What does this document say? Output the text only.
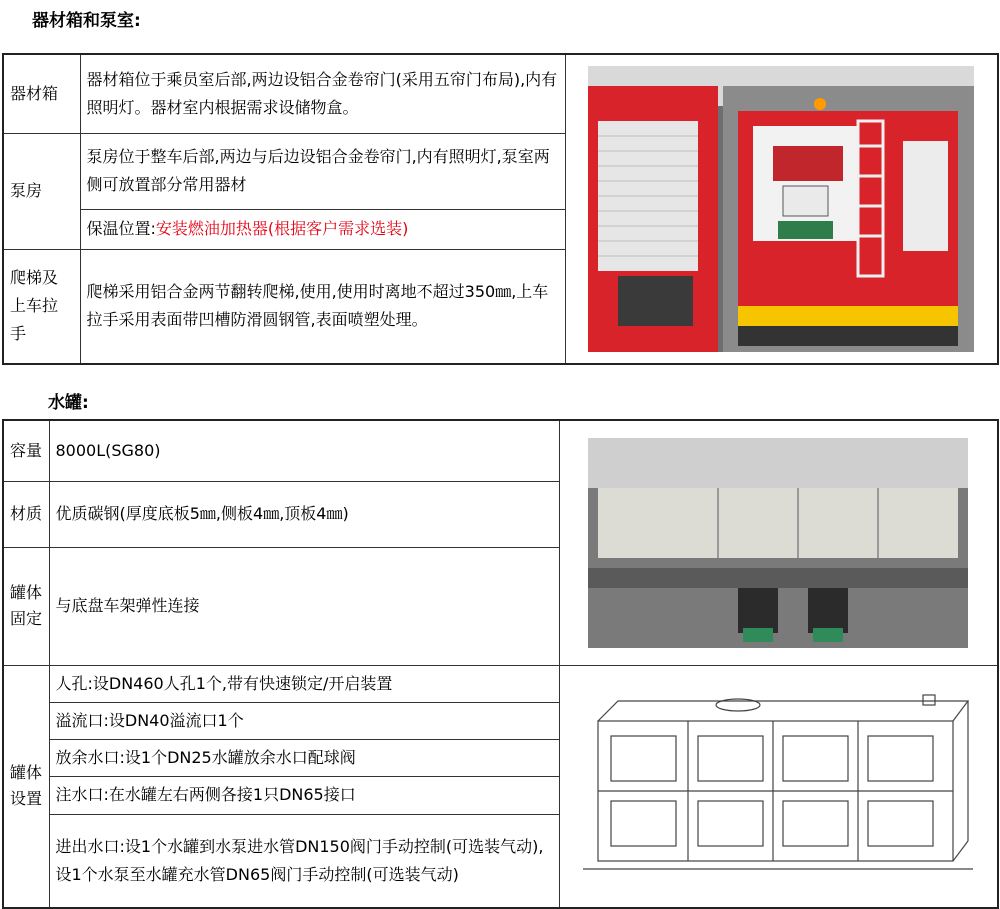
器材箱和泵室:
器材箱	器材箱位于乘员室后部,两边设铝合金卷帘门(采用五帘门布局),内有照明灯。器材室内根据需求设储物盒。	

泵房	泵房位于整车后部,两边与后边设铝合金卷帘门,内有照明灯,泵室两侧可放置部分常用器材	
	保温位置:安装燃油加热器(根据客户需求选装)	
爬梯及上车拉手	爬梯采用铝合金两节翻转爬梯,使用,使用时离地不超过350㎜,上车拉手采用表面带凹槽防滑圆钢管,表面喷塑处理。	
水罐:
容量	8000L(SG80)	

材质	优质碳钢(厚度底板5㎜,侧板4㎜,顶板4㎜)	
罐体固定	与底盘车架弹性连接	
罐体设置	人孔:设DN460人孔1个,带有快速锁定/开启装置	

	溢流口:设DN40溢流口1个	
	放余水口:设1个DN25水罐放余水口配球阀	
	注水口:在水罐左右两侧各接1只DN65接口	
	进出水口:设1个水罐到水泵进水管DN150阀门手动控制(可选装气动),设1个水泵至水罐充水管DN65阀门手动控制(可选装气动)	
